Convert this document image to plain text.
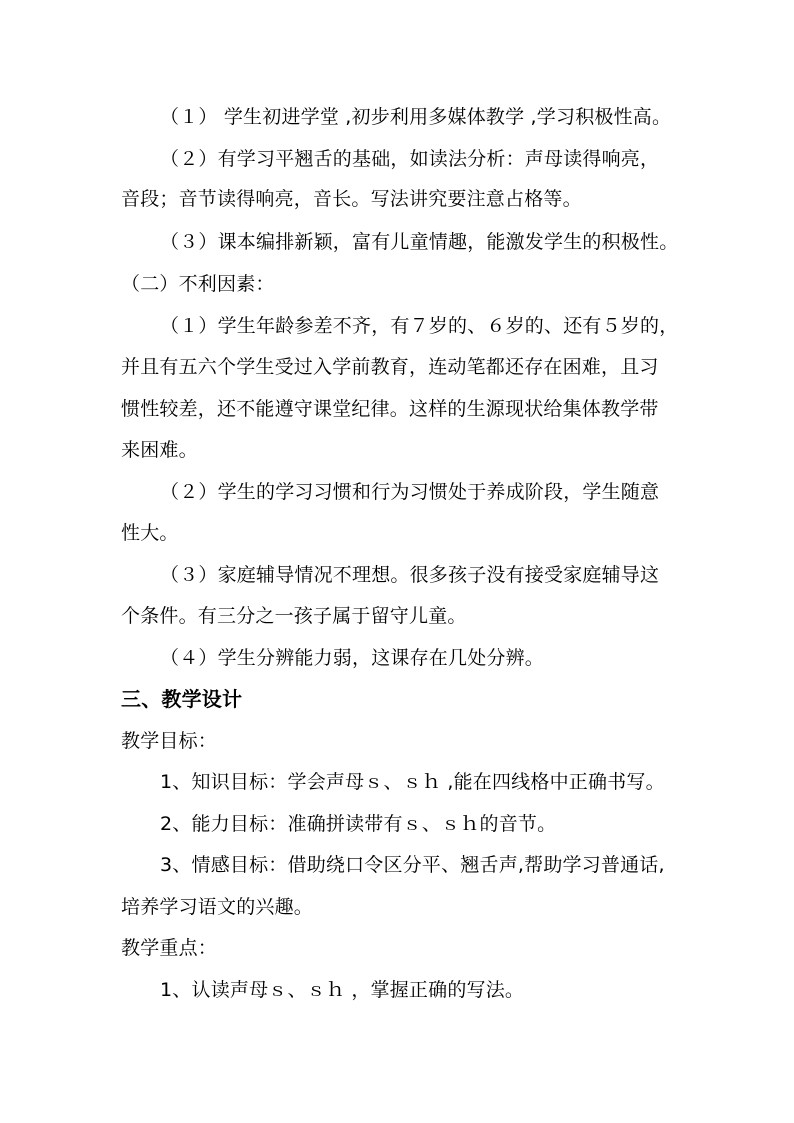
（１） 学生初进学堂 ,初步利用多媒体教学 ,学习积极性高。
（２）有学习平翘舌的基础，如读法分析：声母读得响亮，
音段；音节读得响亮，音长。写法讲究要注意占格等。
（３）课本编排新颖，富有儿童情趣，能激发学生的积极性。
（二）不利因素：
（１）学生年龄参差不齐，有７岁的、６岁的、还有５岁的，
并且有五六个学生受过入学前教育，连动笔都还存在困难，且习
惯性较差，还不能遵守课堂纪律。这样的生源现状给集体教学带
来困难。
（２）学生的学习习惯和行为习惯处于养成阶段，学生随意
性大。
（３）家庭辅导情况不理想。很多孩子没有接受家庭辅导这
个条件。有三分之一孩子属于留守儿童。
（４）学生分辨能力弱，这课存在几处分辨。
三、教学设计
教学目标：
1、知识目标：学会声母ｓ、ｓｈ ,能在四线格中正确书写。
2、能力目标：准确拼读带有ｓ、ｓｈ的音节。
3、情感目标：借助绕口令区分平、翘舌声,帮助学习普通话,
培养学习语文的兴趣。
教学重点：
1、认读声母ｓ、ｓｈ ，掌握正确的写法。
